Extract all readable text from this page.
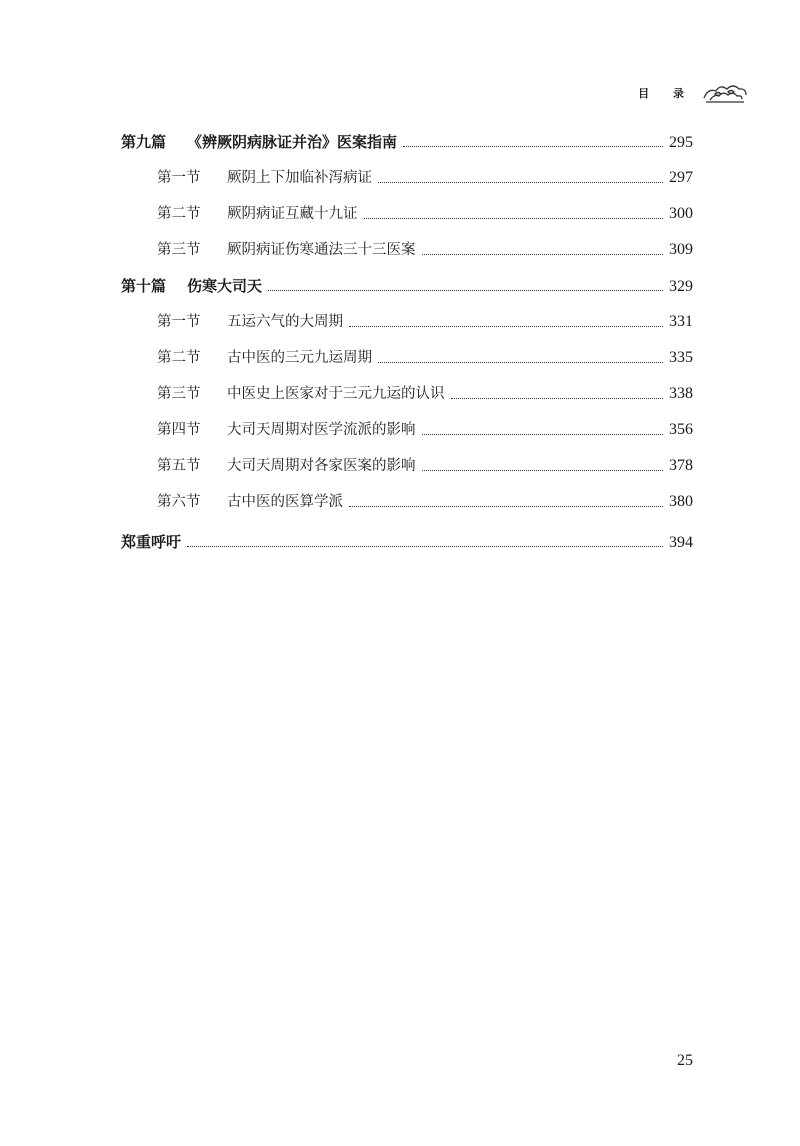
目 录
第九篇	《辨厥阴病脉证并治》医案指南	295
第一节	厥阴上下加临补泻病证	297
第二节	厥阴病证互藏十九证	300
第三节	厥阴病证伤寒通法三十三医案	309
第十篇	伤寒大司天	329
第一节	五运六气的大周期	331
第二节	古中医的三元九运周期	335
第三节	中医史上医家对于三元九运的认识	338
第四节	大司天周期对医学流派的影响	356
第五节	大司天周期对各家医案的影响	378
第六节	古中医的医算学派	380
郑重呼吁	394
25
